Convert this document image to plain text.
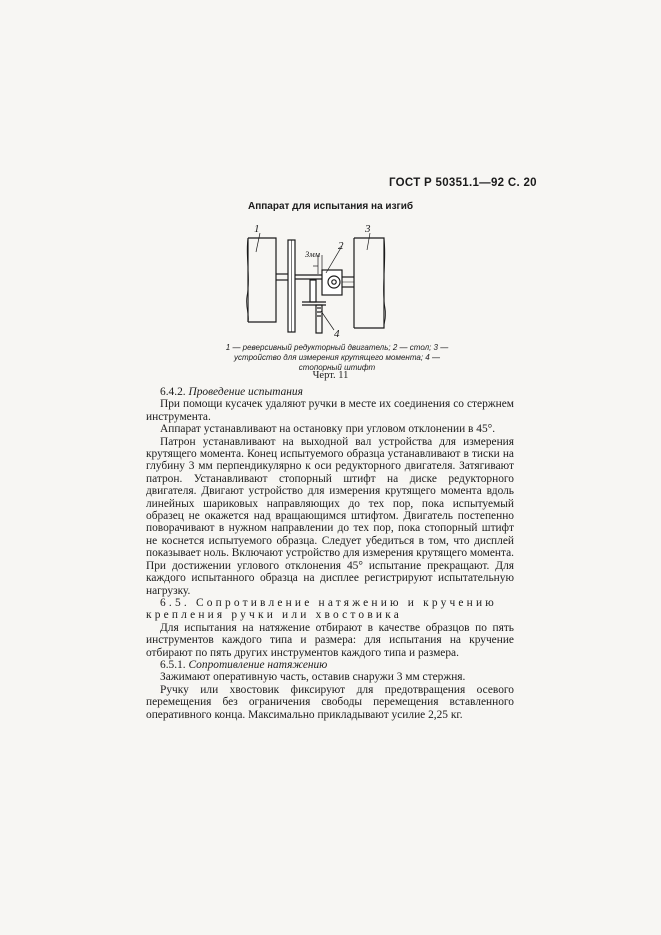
ГОСТ Р 50351.1—92 С. 20
Аппарат для испытания на изгиб
1
2
3
4
3мм
1 — реверсивный редукторный двигатель; 2 — стол; 3 — устройство для измерения крутящего момента; 4 — стопорный штифт
Черт. 11

6.4.2. Проведение испытания

При помощи кусачек удаляют ручки в месте их соединения со стержнем инструмента.

Аппарат устанавливают на остановку при угловом отклонении в 45°.

Патрон устанавливают на выходной вал устройства для измерения крутящего момента. Конец испытуемого образца устанавливают в тиски на глубину 3 мм перпендикулярно к оси редукторного двигателя. Затягивают патрон. Устанавливают стопорный штифт на диске редукторного двигателя. Двигают устройство для измерения крутящего момента вдоль линейных шариковых направляющих до тех пор, пока испытуемый образец не окажется над вращающимся штифтом. Двигатель постепенно поворачивают в нужном направлении до тех пор, пока стопорный штифт не коснется испытуемого образца. Следует убедиться в том, что дисплей показывает ноль. Включают устройство для измерения крутящего момента. При достижении углового отклонения 45° испытание прекращают. Для каждого испытанного образца на дисплее регистрируют испытательную нагрузку.

6.5. Сопротивление натяжению и кручению крепления ручки или хвостовика

Для испытания на натяжение отбирают в качестве образцов по пять инструментов каждого типа и размера: для испытания на кручение отбирают по пять других инструментов каждого типа и размера.

6.5.1. Сопротивление натяжению

Зажимают оперативную часть, оставив снаружи 3 мм стержня.

Ручку или хвостовик фиксируют для предотвращения осевого перемещения без ограничения свободы перемещения вставленного оперативного конца. Максимально прикладывают усилие 2,25 кг.
